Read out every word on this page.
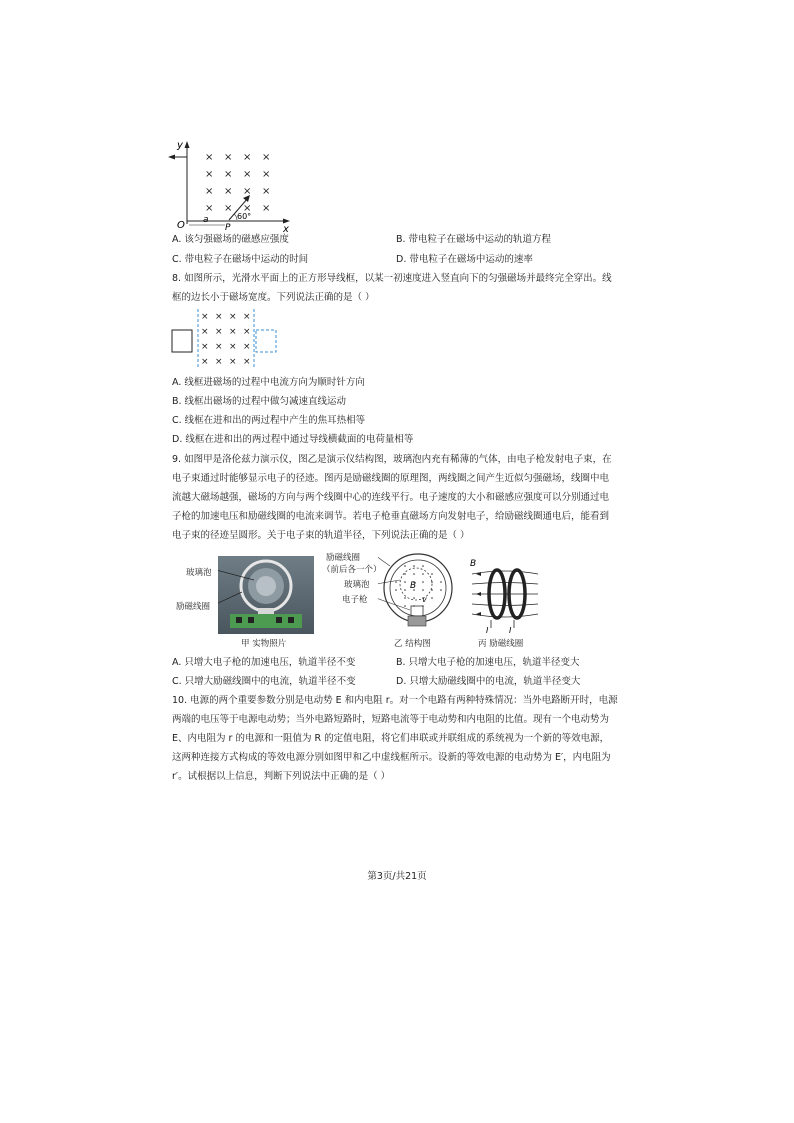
× × × ×
× × × ×
× × × ×
× × × ×
y
O a
P
60°
x
A. 该匀强磁场的磁感应强度	B. 带电粒子在磁场中运动的轨道方程
C. 带电粒子在磁场中运动的时间	D. 带电粒子在磁场中运动的速率
8. 如图所示，光滑水平面上的正方形导线框，以某一初速度进入竖直向下的匀强磁场并最终完全穿出。线
框的边长小于磁场宽度。下列说法正确的是（ ）
× × × ×
× × × ×
× × × ×
× × × ×
A. 线框进磁场的过程中电流方向为顺时针方向
B. 线框出磁场的过程中做匀减速直线运动
C. 线框在进和出的两过程中产生的焦耳热相等
D. 线框在进和出的两过程中通过导线横截面的电荷量相等
9. 如图甲是洛伦兹力演示仪，图乙是演示仪结构图，玻璃泡内充有稀薄的气体，由电子枪发射电子束，在
电子束通过时能够显示电子的径迹。图丙是励磁线圈的原理图，两线圈之间产生近似匀强磁场，线圈中电
流越大磁场越强，磁场的方向与两个线圈中心的连线平行。电子速度的大小和磁感应强度可以分别通过电
子枪的加速电压和励磁线圈的电流来调节。若电子枪垂直磁场方向发射电子，给励磁线圈通电后，能看到
电子束的径迹呈圆形。关于电子束的轨道半径，下列说法正确的是（ ）
玻璃泡
励磁线圈
甲 实物照片
励磁线圈
（前后各一个）
玻璃泡
电子枪
B
v
乙 结构图
B
I	I
丙 励磁线圈
A. 只增大电子枪的加速电压，轨道半径不变	B. 只增大电子枪的加速电压，轨道半径变大
C. 只增大励磁线圈中的电流，轨道半径不变	D. 只增大励磁线圈中的电流，轨道半径变大
10. 电源的两个重要参数分别是电动势 E 和内电阻 r。对一个电路有两种特殊情况：当外电路断开时，电源
两端的电压等于电源电动势；当外电路短路时，短路电流等于电动势和内电阻的比值。现有一个电动势为
E、内电阻为 r 的电源和一阻值为 R 的定值电阻，将它们串联或并联组成的系统视为一个新的等效电源，
这两种连接方式构成的等效电源分别如图甲和乙中虚线框所示。设新的等效电源的电动势为 E′，内电阻为
r′。试根据以上信息，判断下列说法中正确的是（ ）
第3页/共21页
